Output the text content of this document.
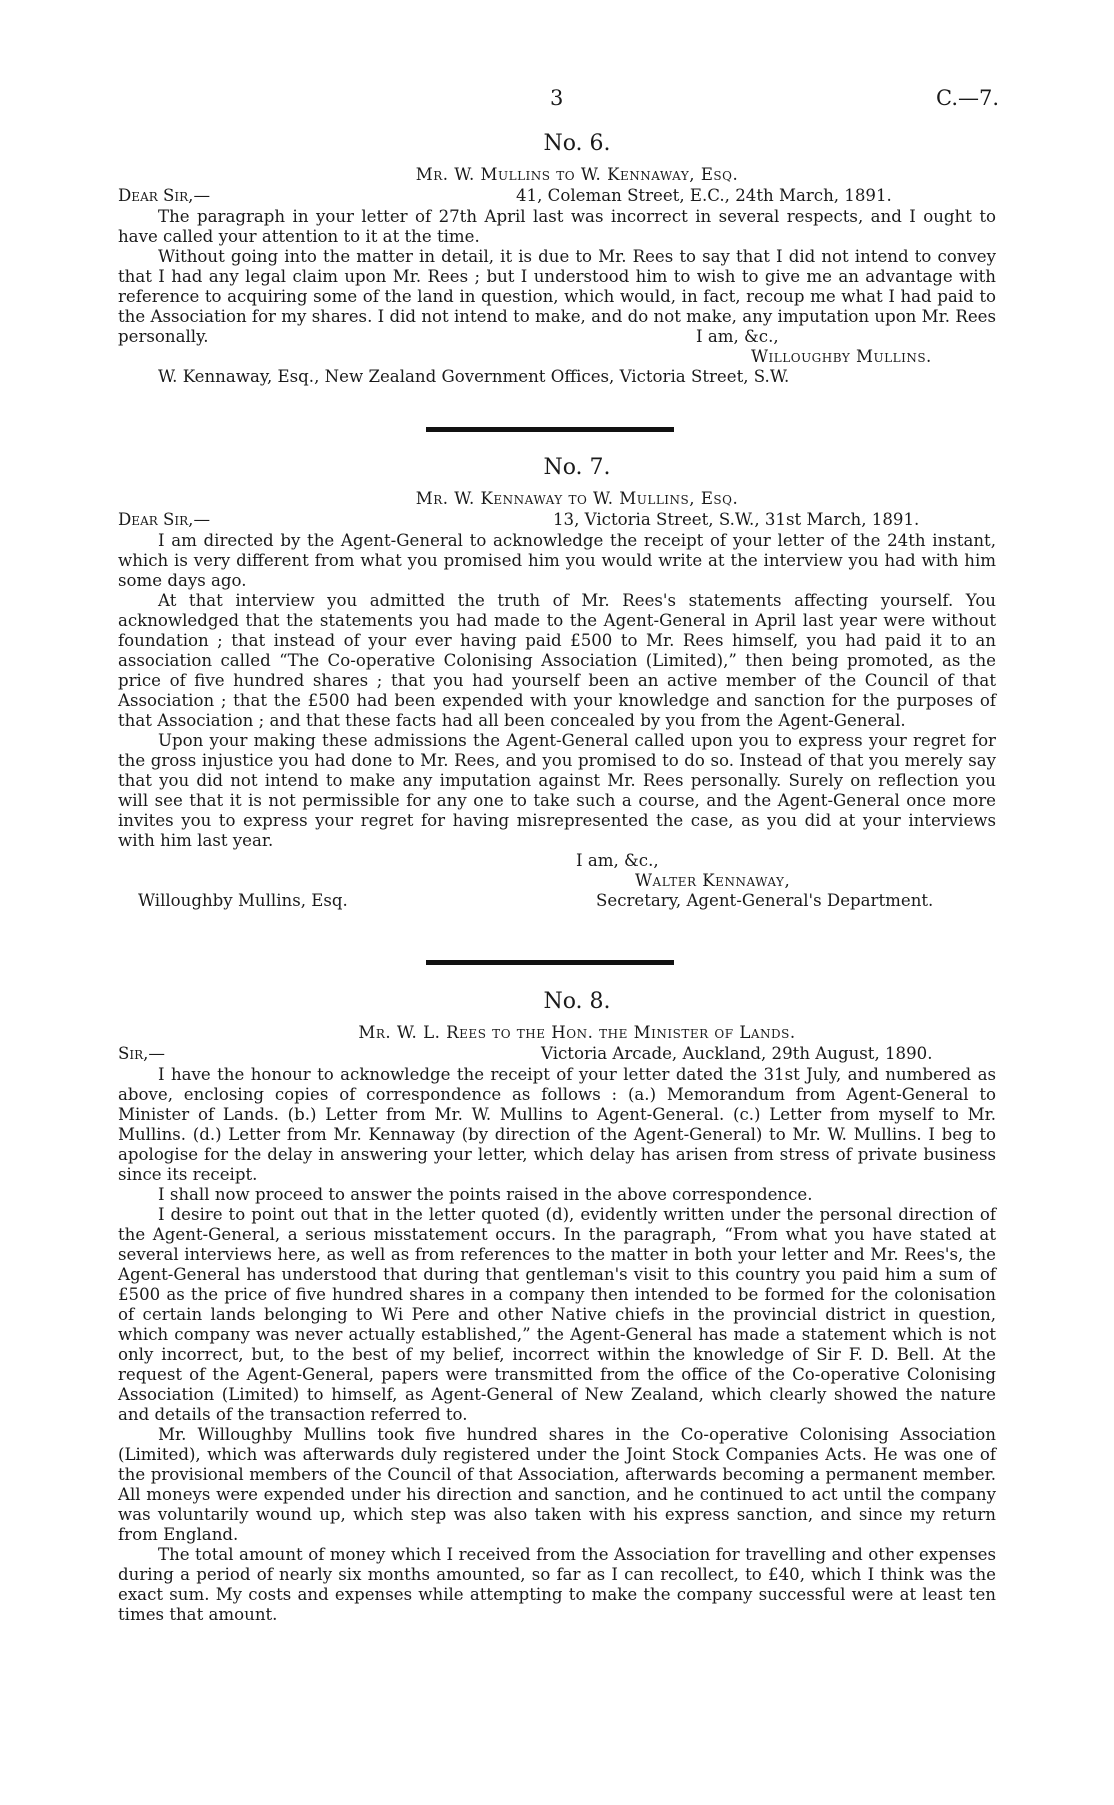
3	C.—7.
No. 6.
Mr. W. Mullins to W. Kennaway, Esq.
Dear Sir,—	41, Coleman Street, E.C., 24th March, 1891.

The paragraph in your letter of 27th April last was incorrect in several respects, and I ought to have called your attention to it at the time.

Without going into the matter in detail, it is due to Mr. Rees to say that I did not intend to convey that I had any legal claim upon Mr. Rees ; but I understood him to wish to give me an advantage with reference to acquiring some of the land in question, which would, in fact, recoup me what I had paid to the Association for my shares. I did not intend to make, and do not make, any imputation upon Mr. Rees personally.	I am, &c.,
Willoughby Mullins.

W. Kennaway, Esq., New Zealand Government Offices, Victoria Street, S.W.

No. 7.
Mr. W. Kennaway to W. Mullins, Esq.
Dear Sir,—	13, Victoria Street, S.W., 31st March, 1891.

I am directed by the Agent-General to acknowledge the receipt of your letter of the 24th instant, which is very different from what you promised him you would write at the interview you had with him some days ago.

At that interview you admitted the truth of Mr. Rees's statements affecting yourself. You acknowledged that the statements you had made to the Agent-General in April last year were without foundation ; that instead of your ever having paid £500 to Mr. Rees himself, you had paid it to an association called “The Co-operative Colonising Association (Limited),” then being promoted, as the price of five hundred shares ; that you had yourself been an active member of the Council of that Association ; that the £500 had been expended with your knowledge and sanction for the purposes of that Association ; and that these facts had all been concealed by you from the Agent-General.

Upon your making these admissions the Agent-General called upon you to express your regret for the gross injustice you had done to Mr. Rees, and you promised to do so. Instead of that you merely say that you did not intend to make any imputation against Mr. Rees personally. Surely on reflection you will see that it is not permissible for any one to take such a course, and the Agent-General once more invites you to express your regret for having misrepresented the case, as you did at your interviews with him last year.

I am, &c.,
Walter Kennaway,
Willoughby Mullins, Esq.	Secretary, Agent-General's Department.
No. 8.
Mr. W. L. Rees to the Hon. the Minister of Lands.
Sir,—	Victoria Arcade, Auckland, 29th August, 1890.

I have the honour to acknowledge the receipt of your letter dated the 31st July, and numbered as above, enclosing copies of correspondence as follows : (a.) Memorandum from Agent-General to Minister of Lands. (b.) Letter from Mr. W. Mullins to Agent-General. (c.) Letter from myself to Mr. Mullins. (d.) Letter from Mr. Kennaway (by direction of the Agent-General) to Mr. W. Mullins. I beg to apologise for the delay in answering your letter, which delay has arisen from stress of private business since its receipt.

I shall now proceed to answer the points raised in the above correspondence.

I desire to point out that in the letter quoted (d), evidently written under the personal direction of the Agent-General, a serious misstatement occurs. In the paragraph, “From what you have stated at several interviews here, as well as from references to the matter in both your letter and Mr. Rees's, the Agent-General has understood that during that gentleman's visit to this country you paid him a sum of £500 as the price of five hundred shares in a company then intended to be formed for the colonisation of certain lands belonging to Wi Pere and other Native chiefs in the provincial district in question, which company was never actually established,” the Agent-General has made a statement which is not only incorrect, but, to the best of my belief, incorrect within the knowledge of Sir F. D. Bell. At the request of the Agent-General, papers were transmitted from the office of the Co-operative Colonising Association (Limited) to himself, as Agent-General of New Zealand, which clearly showed the nature and details of the transaction referred to.

Mr. Willoughby Mullins took five hundred shares in the Co-operative Colonising Association (Limited), which was afterwards duly registered under the Joint Stock Companies Acts. He was one of the provisional members of the Council of that Association, afterwards becoming a permanent member. All moneys were expended under his direction and sanction, and he continued to act until the company was voluntarily wound up, which step was also taken with his express sanction, and since my return from England.

The total amount of money which I received from the Association for travelling and other expenses during a period of nearly six months amounted, so far as I can recollect, to £40, which I think was the exact sum. My costs and expenses while attempting to make the company successful were at least ten times that amount.
